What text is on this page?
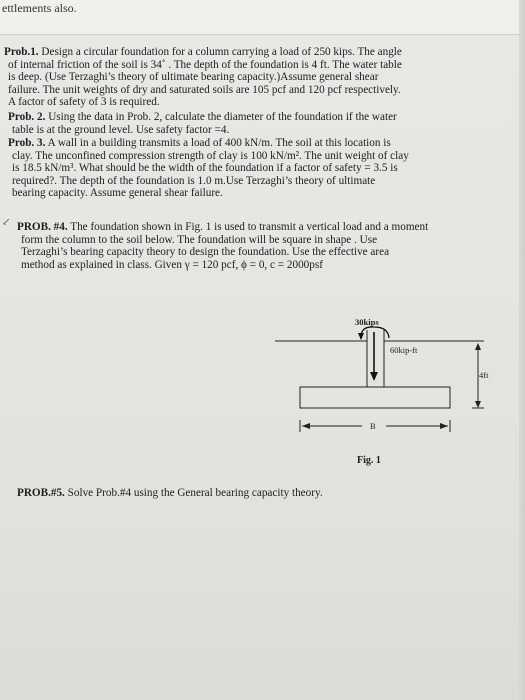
ettlements also.
Prob.1. Design a circular foundation for a column carrying a load of 250 kips. The angle
of internal friction of the soil is 34˚ . The depth of the foundation is 4 ft. The water table
is deep. (Use Terzaghi’s theory of ultimate bearing capacity.)Assume general shear
failure. The unit weights of dry and saturated soils are 105 pcf and 120 pcf respectively.
A factor of safety of 3 is required.
Prob. 2. Using the data in Prob. 2, calculate the diameter of the foundation if the water
table is at the ground level. Use safety factor =4.
Prob. 3. A wall in a building transmits a load of 400 kN/m. The soil at this location is
clay. The unconfined compression strength of clay is 100 kN/m². The unit weight of clay
is 18.5 kN/m³. What should be the width of the foundation if a factor of safety = 3.5 is
required?. The depth of the foundation is 1.0 m.Use Terzaghi’s theory of ultimate
bearing capacity. Assume general shear failure.
PROB. #4. The foundation shown in Fig. 1 is used to transmit a vertical load and a moment
form the column to the soil below. The foundation will be square in shape . Use
Terzaghi’s bearing capacity theory to design the foundation. Use the effective area
method as explained in class. Given γ = 120 pcf, ϕ = 0, c = 2000psf
↙
30kips
60kip-ft
4ft
B
Fig. 1
PROB.#5. Solve Prob.#4 using the General bearing capacity theory.
